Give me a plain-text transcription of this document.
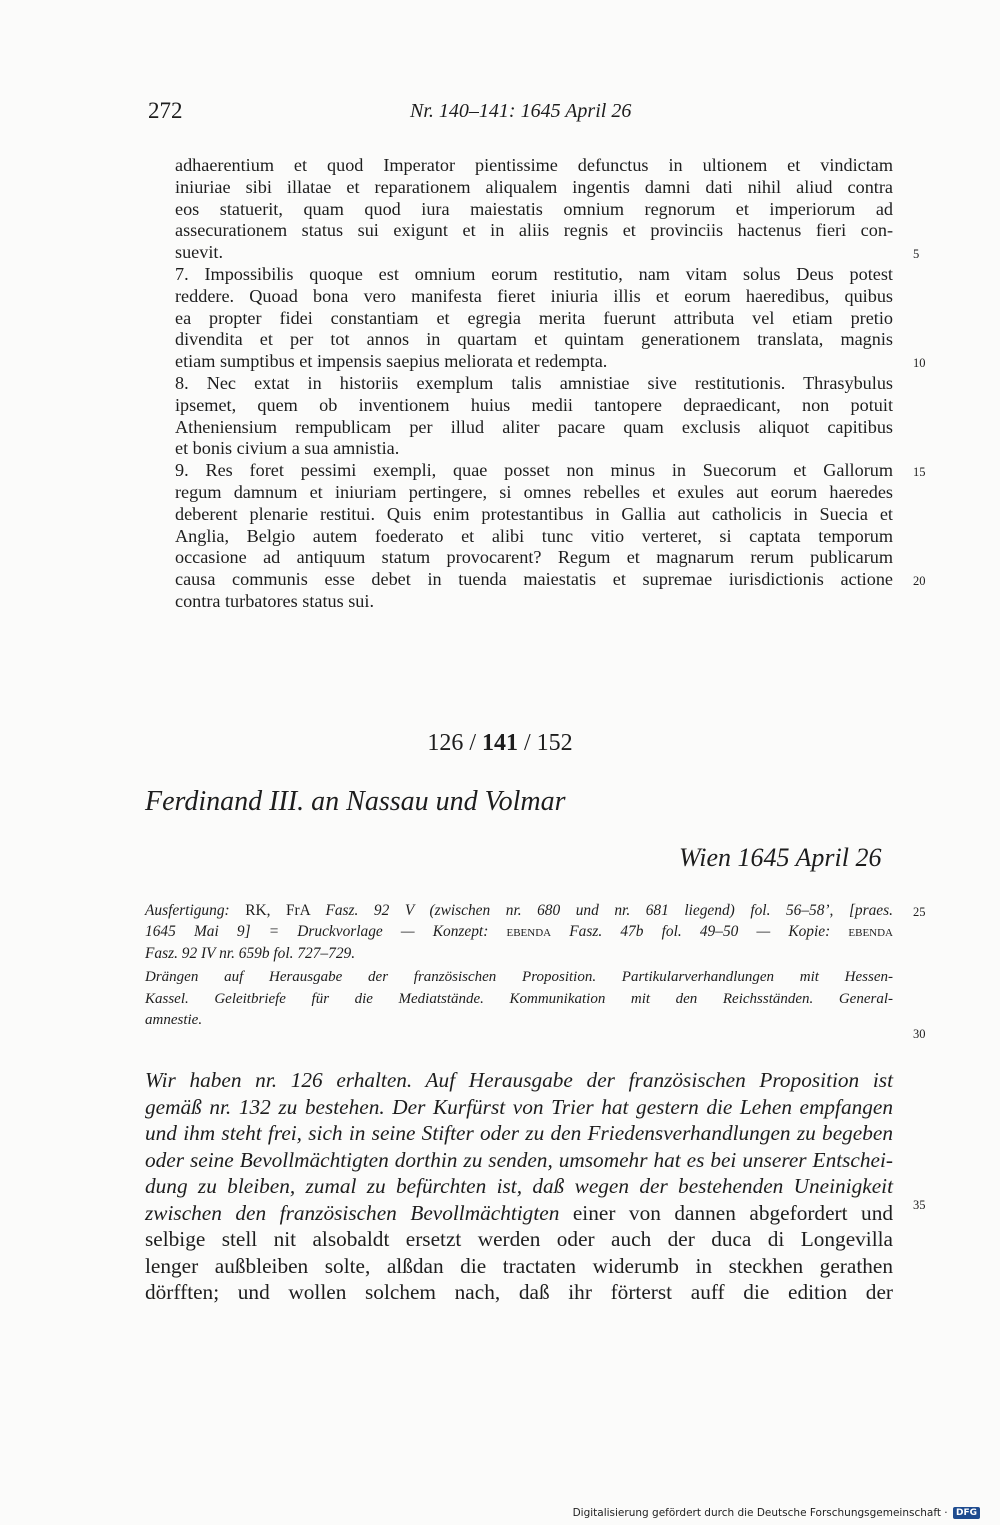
272	Nr. 140–141: 1645 April 26
adhaerentium et quod Imperator pientissime defunctus in ultionem et vindictam
iniuriae sibi illatae et reparationem aliqualem ingentis damni dati nihil aliud contra
eos statuerit, quam quod iura maiestatis omnium regnorum et imperiorum ad
assecurationem status sui exigunt et in aliis regnis et provinciis hactenus fieri con-
suevit.
7. Impossibilis quoque est omnium eorum restitutio, nam vitam solus Deus potest
reddere. Quoad bona vero manifesta fieret iniuria illis et eorum haeredibus, quibus
ea propter fidei constantiam et egregia merita fuerunt attributa vel etiam pretio
divendita et per tot annos in quartam et quintam generationem translata, magnis
etiam sumptibus et impensis saepius meliorata et redempta.
8. Nec extat in historiis exemplum talis amnistiae sive restitutionis. Thrasybulus
ipsemet, quem ob inventionem huius medii tantopere depraedicant, non potuit
Atheniensium rempublicam per illud aliter pacare quam exclusis aliquot capitibus
et bonis civium a sua amnistia.
9. Res foret pessimi exempli, quae posset non minus in Suecorum et Gallorum
regum damnum et iniuriam pertingere, si omnes rebelles et exules aut eorum haeredes
deberent plenarie restitui. Quis enim protestantibus in Gallia aut catholicis in Suecia et
Anglia, Belgio autem foederato et alibi tunc vitio verteret, si captata temporum
occasione ad antiquum statum provocarent? Regum et magnarum rerum publicarum
causa communis esse debet in tuenda maiestatis et supremae iurisdictionis actione
contra turbatores status sui.
5
10
15
20
25
30
35
126 / 141 / 152
Ferdinand III. an Nassau und Volmar
Wien 1645 April 26
Ausfertigung: RK, FrA Fasz. 92 V (zwischen nr. 680 und nr. 681 liegend) fol. 56–58’, [praes.
1645 Mai 9] = Druckvorlage — Konzept: ebenda Fasz. 47b fol. 49–50 — Kopie: ebenda
Fasz. 92 IV nr. 659b fol. 727–729.
Drängen auf Herausgabe der französischen Proposition. Partikularverhandlungen mit Hessen-
Kassel. Geleitbriefe für die Mediatstände. Kommunikation mit den Reichsständen. General-
amnestie.
Wir haben nr. 126 erhalten. Auf Herausgabe der französischen Proposition ist
gemäß nr. 132 zu bestehen. Der Kurfürst von Trier hat gestern die Lehen empfangen
und ihm steht frei, sich in seine Stifter oder zu den Friedensverhandlungen zu begeben
oder seine Bevollmächtigten dorthin zu senden, umsomehr hat es bei unserer Entschei-
dung zu bleiben, zumal zu befürchten ist, daß wegen der bestehenden Uneinigkeit
zwischen den französischen Bevollmächtigten einer von dannen abgefordert und
selbige stell nit alsobaldt ersetzt werden oder auch der duca di Longevilla
lenger außbleiben solte, alßdan die tractaten widerumb in steckhen gerathen
dörfften; und wollen solchem nach, daß ihr förterst auff die edition der
Digitalisierung gefördert durch die Deutsche Forschungsgemeinschaft · DFG
